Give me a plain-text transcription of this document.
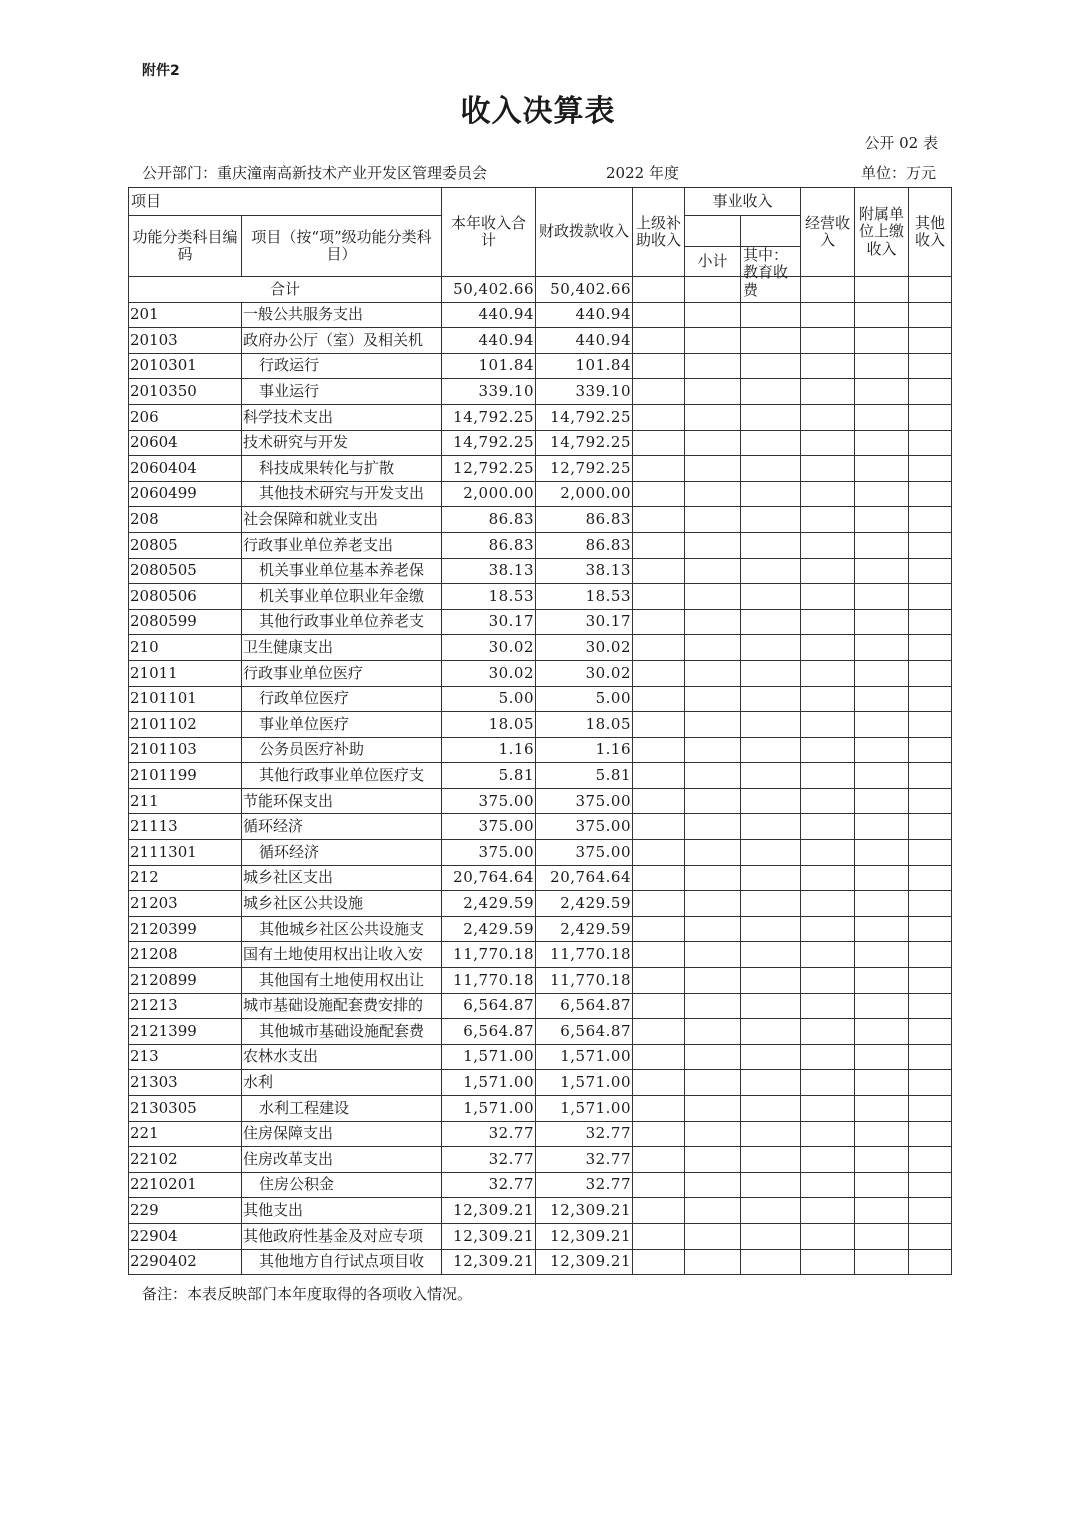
附件2
收入决算表
公开 02 表
公开部门：重庆潼南高新技术产业开发区管理委员会	2022 年度	单位：万元
项目		本年收入合计	财政拨款收入	上级补助收入	事业收入		经营收入	附属单位上缴收入	其他收入
功能分类科目编码	项目（按“项”级功能分类科目）								
					小计	其中：教育收费			

合计		50,402.66	50,402.66						
201	一般公共服务支出	440.94	440.94						
20103	政府办公厅（室）及相关机	440.94	440.94						
2010301	行政运行	101.84	101.84						
2010350	事业运行	339.10	339.10						
206	科学技术支出	14,792.25	14,792.25						
20604	技术研究与开发	14,792.25	14,792.25						
2060404	科技成果转化与扩散	12,792.25	12,792.25						
2060499	其他技术研究与开发支出	2,000.00	2,000.00						
208	社会保障和就业支出	86.83	86.83						
20805	行政事业单位养老支出	86.83	86.83						
2080505	机关事业单位基本养老保	38.13	38.13						
2080506	机关事业单位职业年金缴	18.53	18.53						
2080599	其他行政事业单位养老支	30.17	30.17						
210	卫生健康支出	30.02	30.02						
21011	行政事业单位医疗	30.02	30.02						
2101101	行政单位医疗	5.00	5.00						
2101102	事业单位医疗	18.05	18.05						
2101103	公务员医疗补助	1.16	1.16						
2101199	其他行政事业单位医疗支	5.81	5.81						
211	节能环保支出	375.00	375.00						
21113	循环经济	375.00	375.00						
2111301	循环经济	375.00	375.00						
212	城乡社区支出	20,764.64	20,764.64						
21203	城乡社区公共设施	2,429.59	2,429.59						
2120399	其他城乡社区公共设施支	2,429.59	2,429.59						
21208	国有土地使用权出让收入安	11,770.18	11,770.18						
2120899	其他国有土地使用权出让	11,770.18	11,770.18						
21213	城市基础设施配套费安排的	6,564.87	6,564.87						
2121399	其他城市基础设施配套费	6,564.87	6,564.87						
213	农林水支出	1,571.00	1,571.00						
21303	水利	1,571.00	1,571.00						
2130305	水利工程建设	1,571.00	1,571.00						
221	住房保障支出	32.77	32.77						
22102	住房改革支出	32.77	32.77						
2210201	住房公积金	32.77	32.77						
229	其他支出	12,309.21	12,309.21						
22904	其他政府性基金及对应专项	12,309.21	12,309.21						
2290402	其他地方自行试点项目收	12,309.21	12,309.21						
备注：本表反映部门本年度取得的各项收入情况。
